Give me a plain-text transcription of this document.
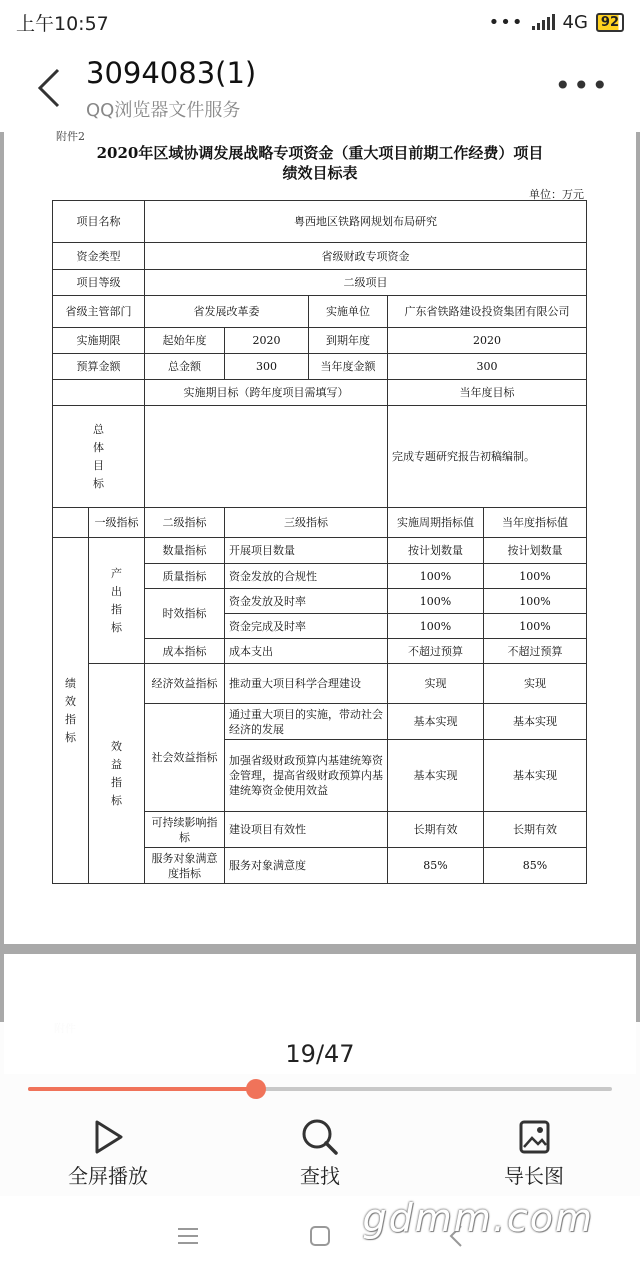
上午10:57	••• 4G	92
3094083(1)
QQ浏览器文件服务
•••
附件2
2020年区域协调发展战略专项资金（重大项目前期工作经费）项目
绩效目标表
单位：万元
项目名称		粤西地区铁路网规划布局研究				
资金类型		省级财政专项资金				
项目等级		二级项目				
省级主管部门		省发展改革委		实施单位	广东省铁路建设投资集团有限公司	
实施期限		起始年度	2020	到期年度	2020	
预算金额		总金额	300	当年度金额	300	
		实施期目标（跨年度项目需填写）			当年度目标	
总体目标					完成专题研究报告初稿编制。	
	一级指标	二级指标	三级指标		实施周期指标值	当年度指标值
绩效指标	产出指标	数量指标	开展项目数量		按计划数量	按计划数量
		质量指标	资金发放的合规性		100%	100%
		时效指标	资金发放及时率		100%	100%
			资金完成及时率		100%	100%
		成本指标	成本支出		不超过预算	不超过预算
	效益指标	经济效益指标	推动重大项目科学合理建设		实现	实现
		社会效益指标	通过重大项目的实施，带动社会经济的发展		基本实现	基本实现
			加强省级财政预算内基建统筹资金管理，提高省级财政预算内基建统筹资金使用效益		基本实现	基本实现
		可持续影响指标	建设项目有效性		长期有效	长期有效
		服务对象满意度指标	服务对象满意度		85%	85%
19/47
全屏播放	查找	导长图
gdmm.com
